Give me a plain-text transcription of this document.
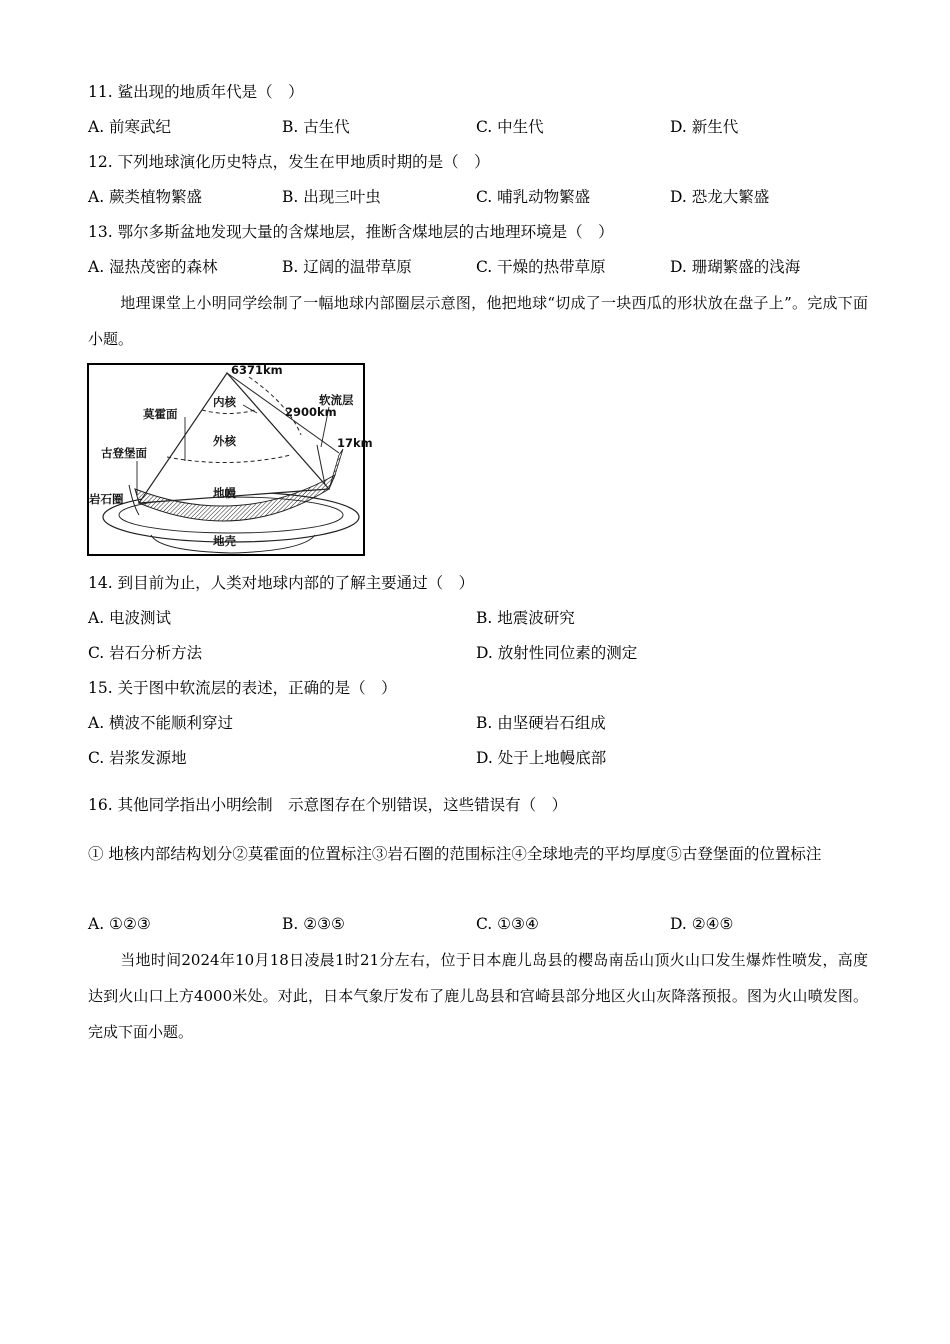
11. 鲨出现的地质年代是（　）
A. 前寒武纪	B. 古生代	C. 中生代	D. 新生代
12. 下列地球演化历史特点，发生在甲地质时期的是（　）
A. 蕨类植物繁盛	B. 出现三叶虫	C. 哺乳动物繁盛	D. 恐龙大繁盛
13. 鄂尔多斯盆地发现大量的含煤地层，推断含煤地层的古地理环境是（　）
A. 湿热茂密的森林	B. 辽阔的温带草原	C. 干燥的热带草原	D. 珊瑚繁盛的浅海
地理课堂上小明同学绘制了一幅地球内部圈层示意图，他把地球“切成了一块西瓜的形状放在盘子上”。完成下面小题。
6371km
内核
莫霍面	2900km
软流层
外核	17km
古登堡面
地幔
岩石圈
地壳
14. 到目前为止，人类对地球内部的了解主要通过（　）
A. 电波测试	B. 地震波研究
C. 岩石分析方法	D. 放射性同位素的测定
15. 关于图中软流层的表述，正确的是（　）
A. 横波不能顺利穿过	B. 由坚硬岩石组成
C. 岩浆发源地	D. 处于上地幔底部
16. 其他同学指出小明绘制　示意图存在个别错误，这些错误有（　）
① 地核内部结构划分②莫霍面的位置标注③岩石圈的范围标注④全球地壳的平均厚度⑤古登堡面的位置标注
A. ①②③	B. ②③⑤	C. ①③④	D. ②④⑤
当地时间2024年10月18日凌晨1时21分左右，位于日本鹿儿岛县的樱岛南岳山顶火山口发生爆炸性喷发，高度达到火山口上方4000米处。对此，日本气象厅发布了鹿儿岛县和宫崎县部分地区火山灰降落预报。图为火山喷发图。完成下面小题。
